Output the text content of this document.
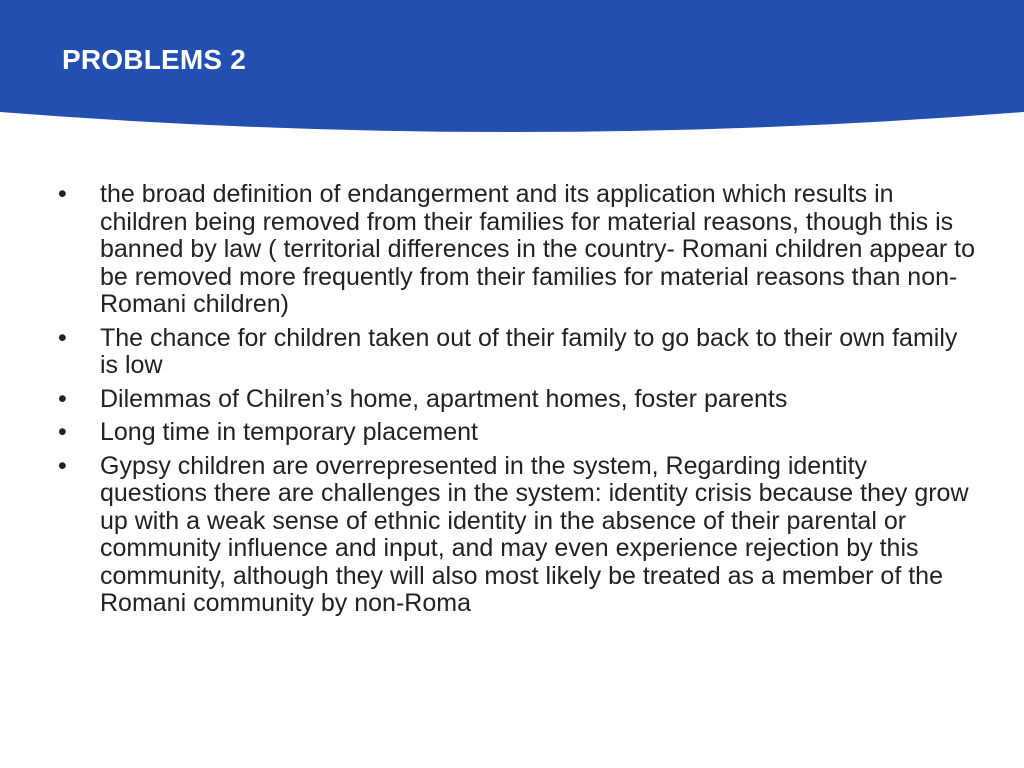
PROBLEMS 2
•	the broad definition of endangerment and its application which results in children being removed from their families for material reasons, though this is banned by law ( territorial differences in the country- Romani children appear to be removed more frequently from their families for material reasons than non-Romani children)
•	The chance for children taken out of their family to go back to their own family is low
•	Dilemmas of Chilren’s home, apartment homes, foster parents
•	Long time in temporary placement
•	Gypsy children are overrepresented in the system, Regarding identity questions there are challenges in the system: identity crisis because they grow up with a weak sense of ethnic identity in the absence of their parental or community influence and input, and may even experience rejection by this community, although they will also most likely be treated as a member of the Romani community by non-Roma
